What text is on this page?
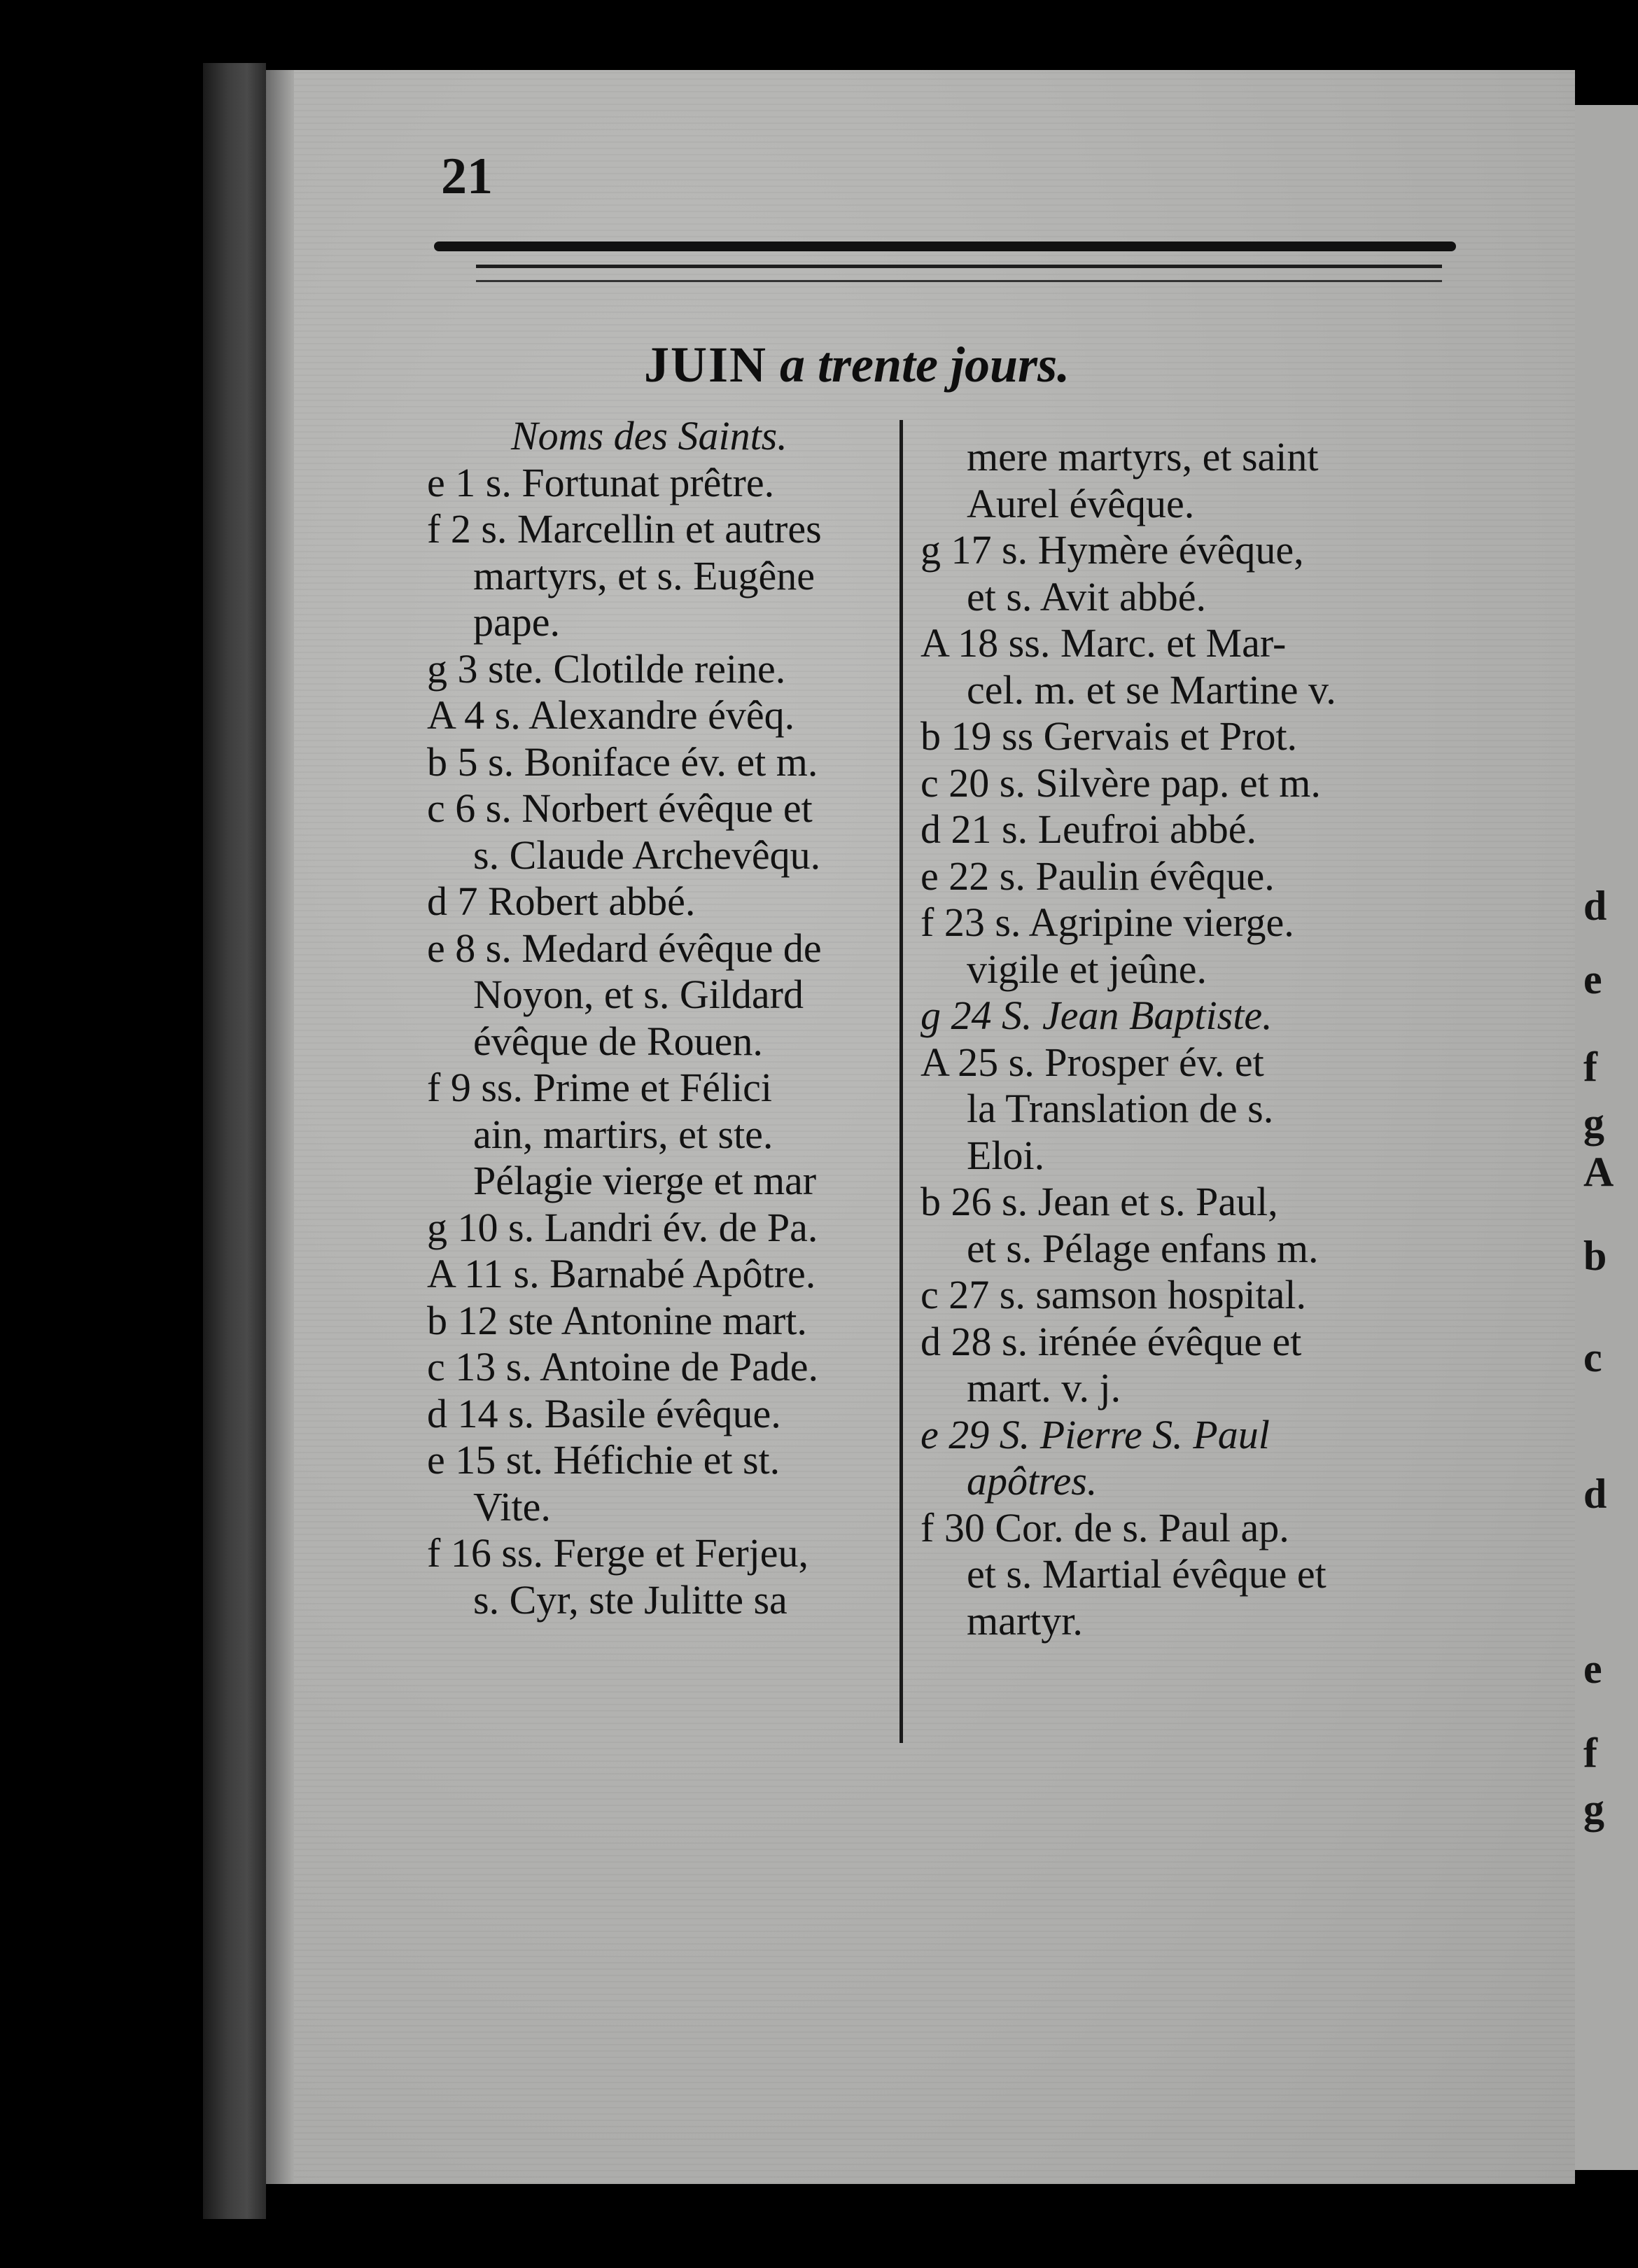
21

JUIN a trente jours.
Noms des Saints.
e 1 s. Fortunat prêtre.
f 2 s. Marcellin et autres
martyrs, et s. Eugêne
pape.
g 3 ste. Clotilde reine.
A 4 s. Alexandre évêq.
b 5 s. Boniface év. et m.
c 6 s. Norbert évêque et
s. Claude Archevêqu.
d 7 Robert abbé.
e 8 s. Medard évêque de
Noyon, et s. Gildard
évêque de Rouen.
f 9 ss. Prime et Félici
ain, martirs, et ste.
Pélagie vierge et mar
g 10 s. Landri év. de Pa.
A 11 s. Barnabé Apôtre.
b 12 ste Antonine mart.
c 13 s. Antoine de Pade.
d 14 s. Basile évêque.
e 15 st. Héfichie et st.
Vite.
f 16 ss. Ferge et Ferjeu,
s. Cyr, ste Julitte sa
mere martyrs, et saint
Aurel évêque.
g 17 s. Hymère évêque,
et s. Avit abbé.
A 18 ss. Marc. et Mar-
cel. m. et se Martine v.
b 19 ss Gervais et Prot.
c 20 s. Silvère pap. et m.
d 21 s. Leufroi abbé.
e 22 s. Paulin évêque.
f 23 s. Agripine vierge.
vigile et jeûne.
g 24 S. Jean Baptiste.
A 25 s. Prosper év. et
la Translation de s.
Eloi.
b 26 s. Jean et s. Paul,
et s. Pélage enfans m.
c 27 s. samson hospital.
d 28 s. irénée évêque et
mart. v. j.
e 29 S. Pierre S. Paul
apôtres.
f 30 Cor. de s. Paul ap.
et s. Martial évêque et
martyr.
d
e
f
g
A
b
c
d
e
f
g
